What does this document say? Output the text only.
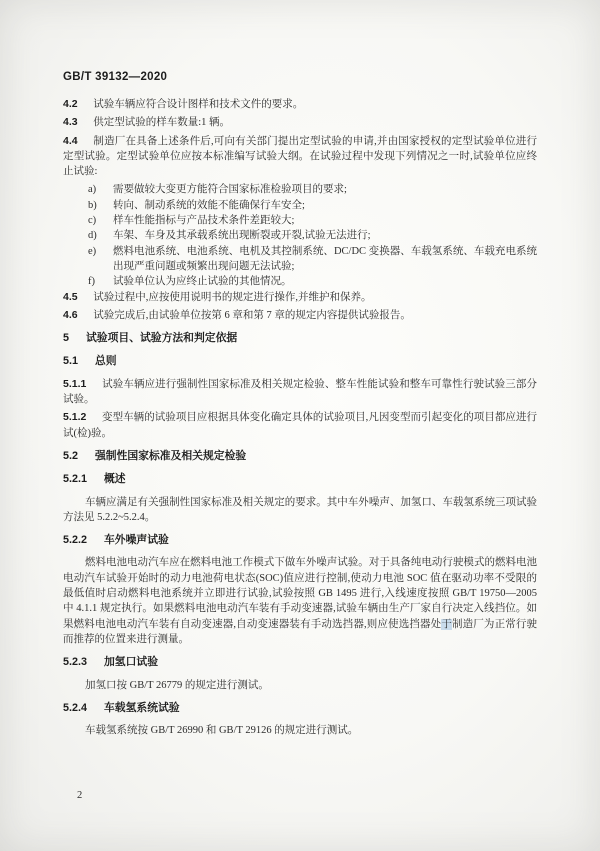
GB/T 39132—2020

4.2 试验车辆应符合设计图样和技术文件的要求。

4.3 供定型试验的样车数量:1 辆。

4.4 制造厂在具备上述条件后,可向有关部门提出定型试验的申请,并由国家授权的定型试验单位进行定型试验。定型试验单位应按本标准编写试验大纲。在试验过程中发现下列情况之一时,试验单位应终止试验:

a) 需要做较大变更方能符合国家标准检验项目的要求;

b) 转向、制动系统的效能不能确保行车安全;

c) 样车性能指标与产品技术条件差距较大;

d) 车架、车身及其承载系统出现断裂或开裂,试验无法进行;

e) 燃料电池系统、电池系统、电机及其控制系统、DC/DC 变换器、车载氢系统、车载充电系统出现严重问题或频繁出现问题无法试验;

f) 试验单位认为应终止试验的其他情况。

4.5 试验过程中,应按使用说明书的规定进行操作,并维护和保养。

4.6 试验完成后,由试验单位按第 6 章和第 7 章的规定内容提供试验报告。

5 试验项目、试验方法和判定依据

5.1 总则

5.1.1 试验车辆应进行强制性国家标准及相关规定检验、整车性能试验和整车可靠性行驶试验三部分试验。

5.1.2 变型车辆的试验项目应根据具体变化确定具体的试验项目,凡因变型而引起变化的项目都应进行试(检)验。

5.2 强制性国家标准及相关规定检验

5.2.1 概述

车辆应满足有关强制性国家标准及相关规定的要求。其中车外噪声、加氢口、车载氢系统三项试验方法见 5.2.2~5.2.4。

5.2.2 车外噪声试验

燃料电池电动汽车应在燃料电池工作模式下做车外噪声试验。对于具备纯电动行驶模式的燃料电池电动汽车试验开始时的动力电池荷电状态(SOC)值应进行控制,使动力电池 SOC 值在驱动功率不受限的最低值时启动燃料电池系统并立即进行试验,试验按照 GB 1495 进行,入线速度按照 GB/T 19750—2005 中 4.1.1 规定执行。如果燃料电池电动汽车装有手动变速器,试验车辆由生产厂家自行决定入线挡位。如果燃料电池电动汽车装有自动变速器,自动变速器装有手动选挡器,则应使选挡器处于制造厂为正常行驶而推荐的位置来进行测量。

5.2.3 加氢口试验

加氢口按 GB/T 26779 的规定进行测试。

5.2.4 车载氢系统试验

车载氢系统按 GB/T 26990 和 GB/T 29126 的规定进行测试。

2
